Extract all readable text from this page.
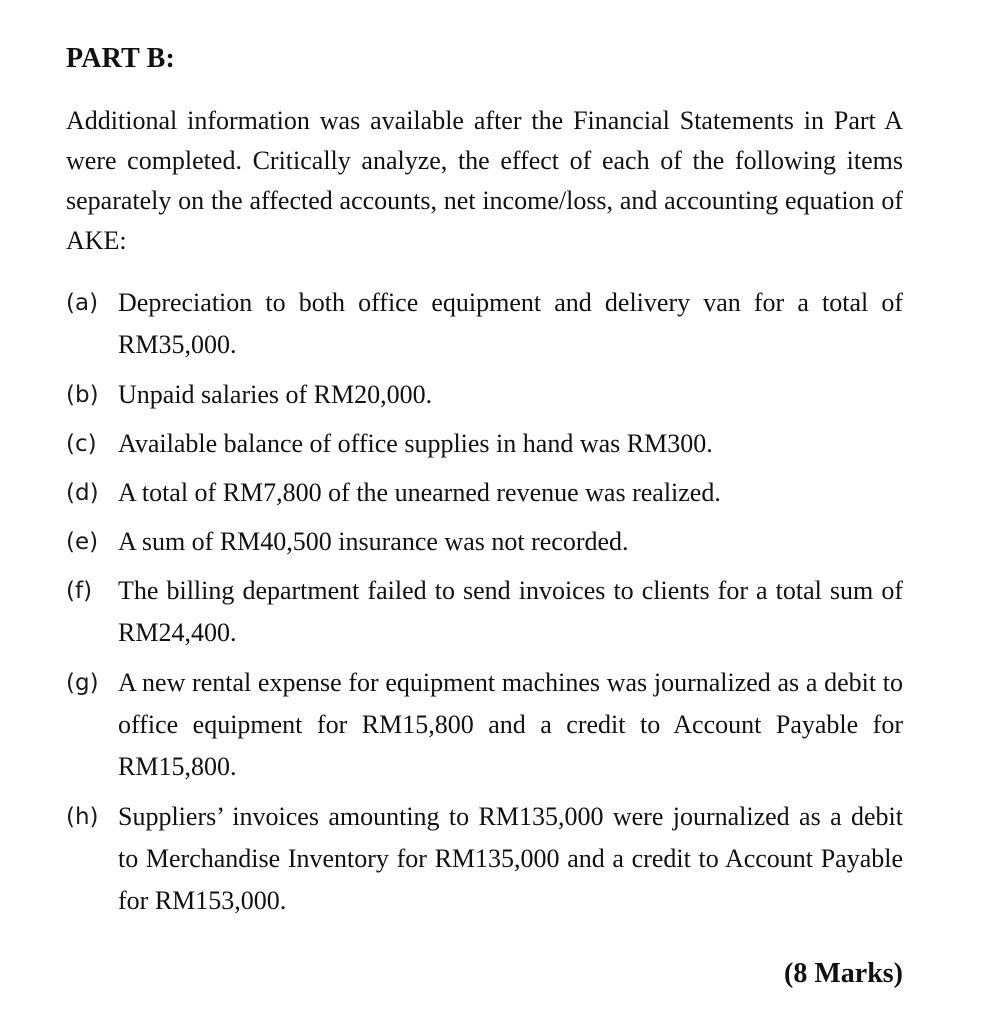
PART B:

Additional information was available after the Financial Statements in Part A were completed. Critically analyze, the effect of each of the following items separately on the affected accounts, net income/loss, and accounting equation of AKE:

(a) Depreciation to both office equipment and delivery van for a total of RM35,000.
(b) Unpaid salaries of RM20,000.
(c) Available balance of office supplies in hand was RM300.
(d) A total of RM7,800 of the unearned revenue was realized.
(e) A sum of RM40,500 insurance was not recorded.
(f) The billing department failed to send invoices to clients for a total sum of RM24,400.
(g) A new rental expense for equipment machines was journalized as a debit to office equipment for RM15,800 and a credit to Account Payable for RM15,800.
(h) Suppliers’ invoices amounting to RM135,000 were journalized as a debit to Merchandise Inventory for RM135,000 and a credit to Account Payable for RM153,000.

(8 Marks)
